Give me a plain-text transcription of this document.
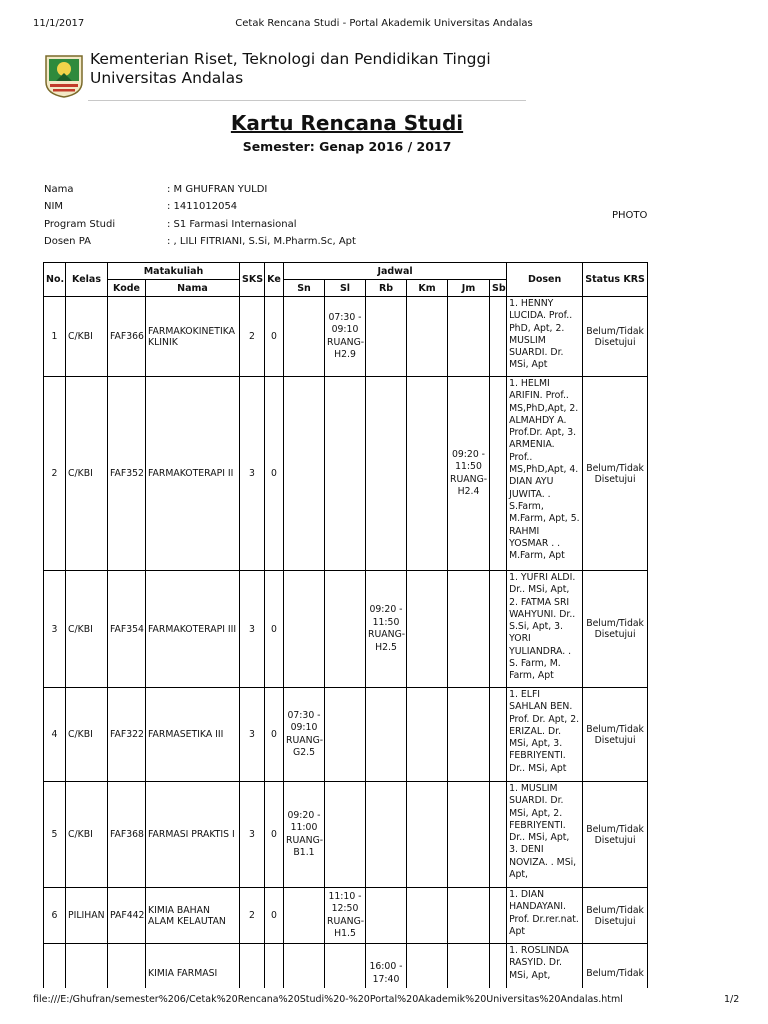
11/1/2017	Cetak Rencana Studi - Portal Akademik Universitas Andalas
Kementerian Riset, Teknologi dan Pendidikan Tinggi
Universitas Andalas
Kartu Rencana Studi
Semester: Genap 2016 / 2017
Nama	: M GHUFRAN YULDI
NIM	: 1411012054
Program Studi	: S1 Farmasi Internasional
Dosen PA	: , LILI FITRIANI, S.Si, M.Pharm.Sc, Apt
PHOTO
No.	Kelas	Matakuliah		SKS	Ke	Jadwal						Dosen	Status KRS
		Kode	Nama			Sn	Sl	Rb	Km	Jm	Sb		
1	C/KBI	FAF366	FARMAKOKINETIKA KLINIK	2	0		07:30 - 09:10 RUANG-H2.9					1. HENNY LUCIDA. Prof.. PhD, Apt, 2. MUSLIM SUARDI. Dr. MSi, Apt	Belum/Tidak Disetujui
2	C/KBI	FAF352	FARMAKOTERAPI II	3	0					09:20 - 11:50 RUANG-H2.4		1. HELMI ARIFIN. Prof.. MS,PhD,Apt, 2. ALMAHDY A. Prof.Dr. Apt, 3. ARMENIA. Prof.. MS,PhD,Apt, 4. DIAN AYU JUWITA. . S.Farm, M.Farm, Apt, 5. RAHMI YOSMAR . . M.Farm, Apt	Belum/Tidak Disetujui
3	C/KBI	FAF354	FARMAKOTERAPI III	3	0			09:20 - 11:50 RUANG-H2.5				1. YUFRI ALDI. Dr.. MSi, Apt, 2. FATMA SRI WAHYUNI. Dr.. S.Si, Apt, 3. YORI YULIANDRA. . S. Farm, M. Farm, Apt	Belum/Tidak Disetujui
4	C/KBI	FAF322	FARMASETIKA III	3	0	07:30 - 09:10 RUANG-G2.5						1. ELFI SAHLAN BEN. Prof. Dr. Apt, 2. ERIZAL. Dr. MSi, Apt, 3. FEBRIYENTI. Dr.. MSi, Apt	Belum/Tidak Disetujui
5	C/KBI	FAF368	FARMASI PRAKTIS I	3	0	09:20 - 11:00 RUANG-B1.1						1. MUSLIM SUARDI. Dr. MSi, Apt, 2. FEBRIYENTI. Dr.. MSi, Apt, 3. DENI NOVIZA. . MSi, Apt,	Belum/Tidak Disetujui
6	PILIHAN	PAF442	KIMIA BAHAN ALAM KELAUTAN	2	0		11:10 - 12:50 RUANG-H1.5					1. DIAN HANDAYANI. Prof. Dr.rer.nat. Apt	Belum/Tidak Disetujui
			KIMIA FARMASI					16:00 - 17:40				1. ROSLINDA RASYID. Dr. MSi, Apt,	Belum/Tidak
file:///E:/Ghufran/semester%206/Cetak%20Rencana%20Studi%20-%20Portal%20Akademik%20Universitas%20Andalas.html	1/2
